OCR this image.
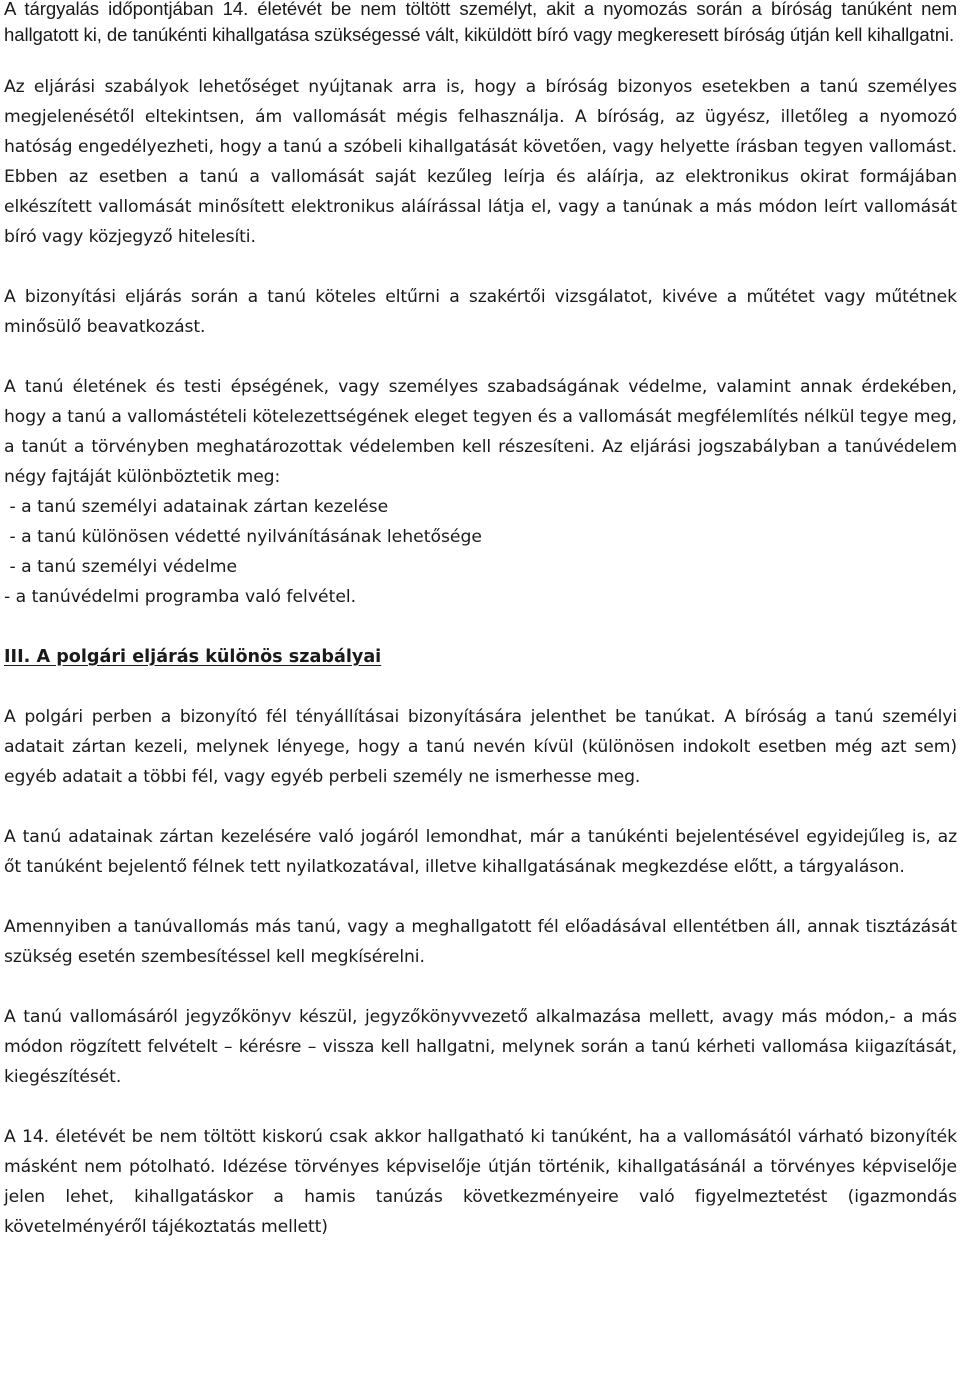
A tárgyalás időpontjában 14. életévét be nem töltött személyt, akit a nyomozás során a bíróság tanúként nem hallgatott ki, de tanúkénti kihallgatása szükségessé vált, kiküldött bíró vagy megkeresett bíróság útján kell kihallgatni.

Az eljárási szabályok lehetőséget nyújtanak arra is, hogy a bíróság bizonyos esetekben a tanú személyes megjelenésétől eltekintsen, ám vallomását mégis felhasználja. A bíróság, az ügyész, illetőleg a nyomozó hatóság engedélyezheti, hogy a tanú a szóbeli kihallgatását követően, vagy helyette írásban tegyen vallomást. Ebben az esetben a tanú a vallomását saját kezűleg leírja és aláírja, az elektronikus okirat formájában elkészített vallomását minősített elektronikus aláírással látja el, vagy a tanúnak a más módon leírt vallomását bíró vagy közjegyző hitelesíti.

A bizonyítási eljárás során a tanú köteles eltűrni a szakértői vizsgálatot, kivéve a műtétet vagy műtétnek minősülő beavatkozást.

A tanú életének és testi épségének, vagy személyes szabadságának védelme, valamint annak érdekében, hogy a tanú a vallomástételi kötelezettségének eleget tegyen és a vallomását megfélemlítés nélkül tegye meg, a tanút a törvényben meghatározottak védelemben kell részesíteni. Az eljárási jogszabályban a tanúvédelem négy fajtáját különböztetik meg:

- a tanú személyi adatainak zártan kezelése

- a tanú különösen védetté nyilvánításának lehetősége

- a tanú személyi védelme

- a tanúvédelmi programba való felvétel.

III. A polgári eljárás különös szabályai

A polgári perben a bizonyító fél tényállításai bizonyítására jelenthet be tanúkat. A bíróság a tanú személyi adatait zártan kezeli, melynek lényege, hogy a tanú nevén kívül (különösen indokolt esetben még azt sem) egyéb adatait a többi fél, vagy egyéb perbeli személy ne ismerhesse meg.

A tanú adatainak zártan kezelésére való jogáról lemondhat, már a tanúkénti bejelentésével egyidejűleg is, az őt tanúként bejelentő félnek tett nyilatkozatával, illetve kihallgatásának megkezdése előtt, a tárgyaláson.

Amennyiben a tanúvallomás más tanú, vagy a meghallgatott fél előadásával ellentétben áll, annak tisztázását szükség esetén szembesítéssel kell megkísérelni.

A tanú vallomásáról jegyzőkönyv készül, jegyzőkönyvvezető alkalmazása mellett, avagy más módon,- a más módon rögzített felvételt – kérésre – vissza kell hallgatni, melynek során a tanú kérheti vallomása kiigazítását, kiegészítését.

A 14. életévét be nem töltött kiskorú csak akkor hallgatható ki tanúként, ha a vallomásától várható bizonyíték másként nem pótolható. Idézése törvényes képviselője útján történik, kihallgatásánál a törvényes képviselője jelen lehet, kihallgatáskor a hamis tanúzás következményeire való figyelmeztetést (igazmondás követelményéről tájékoztatás mellett)
